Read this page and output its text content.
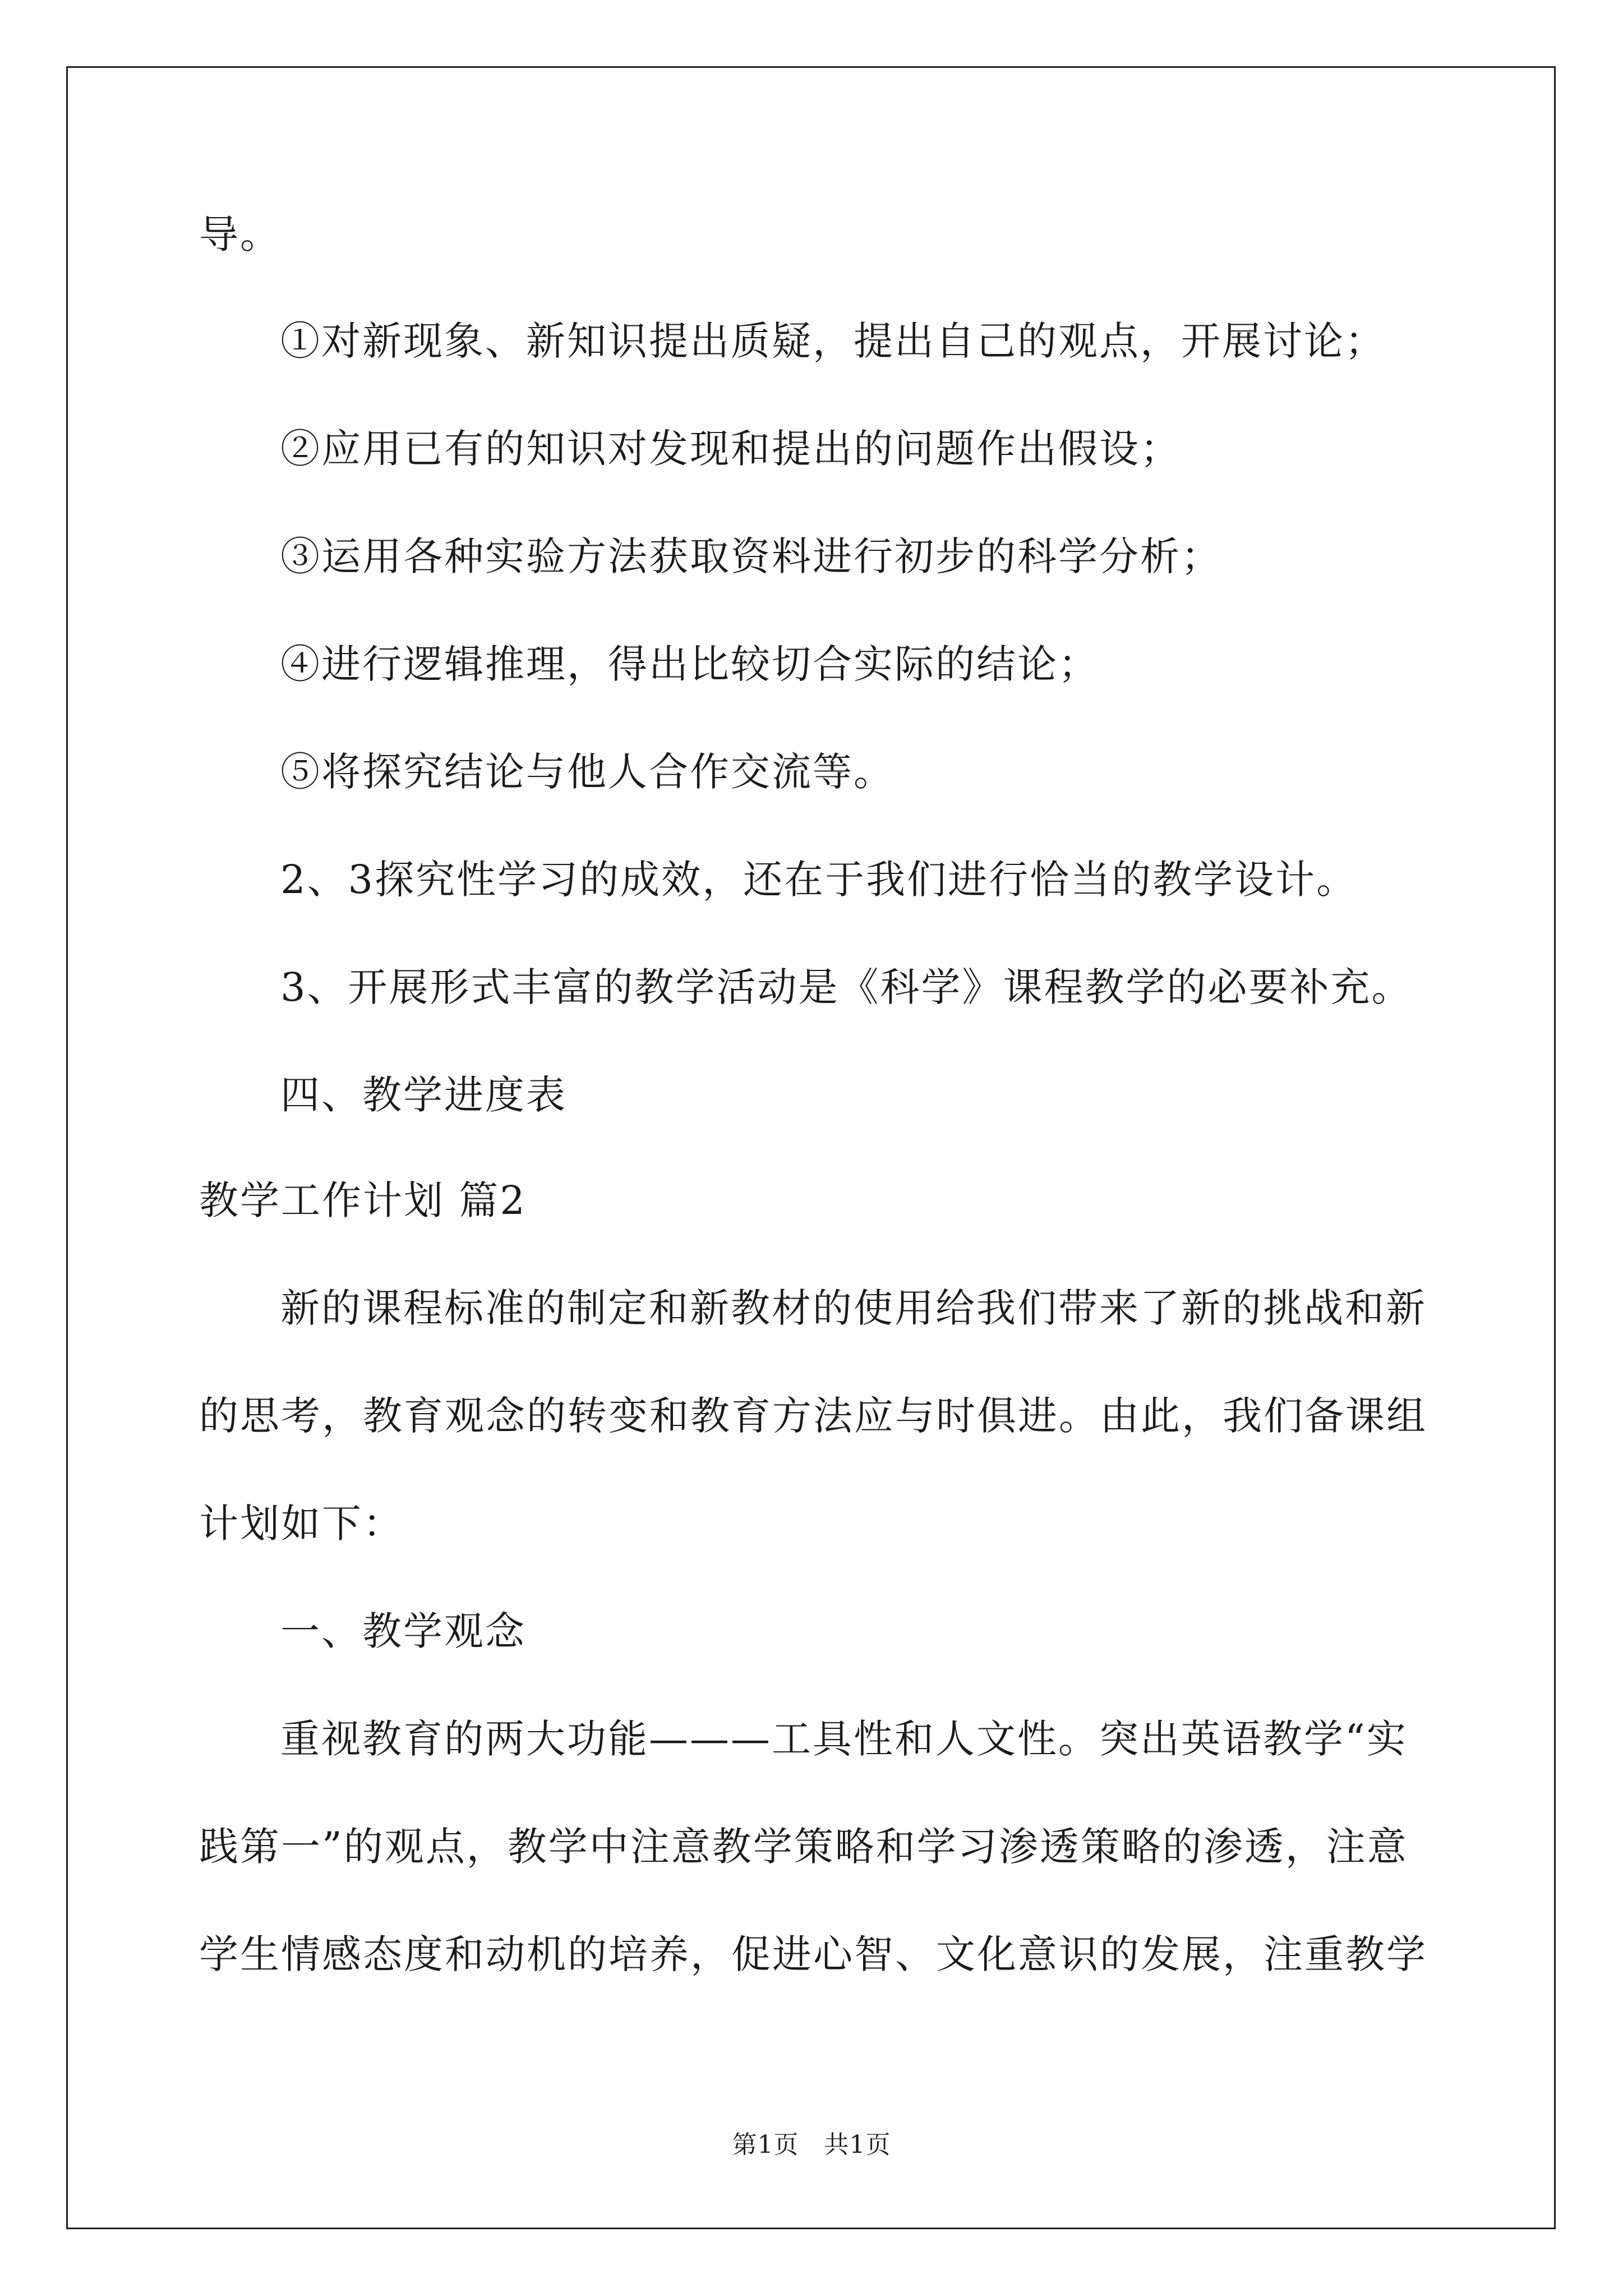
导。
①对新现象、新知识提出质疑，提出自己的观点，开展讨论；
②应用已有的知识对发现和提出的问题作出假设；
③运用各种实验方法获取资料进行初步的科学分析；
④进行逻辑推理，得出比较切合实际的结论；
⑤将探究结论与他人合作交流等。
2、3探究性学习的成效，还在于我们进行恰当的教学设计。
3、开展形式丰富的教学活动是《科学》课程教学的必要补充。
四、教学进度表
教学工作计划 篇2
新的课程标准的制定和新教材的使用给我们带来了新的挑战和新
的思考，教育观念的转变和教育方法应与时俱进。由此，我们备课组
计划如下：
一、教学观念
重视教育的两大功能———工具性和人文性。突出英语教学“实
践第一”的观点，教学中注意教学策略和学习渗透策略的渗透，注意
学生情感态度和动机的培养，促进心智、文化意识的发展，注重教学
第1页　共1页
